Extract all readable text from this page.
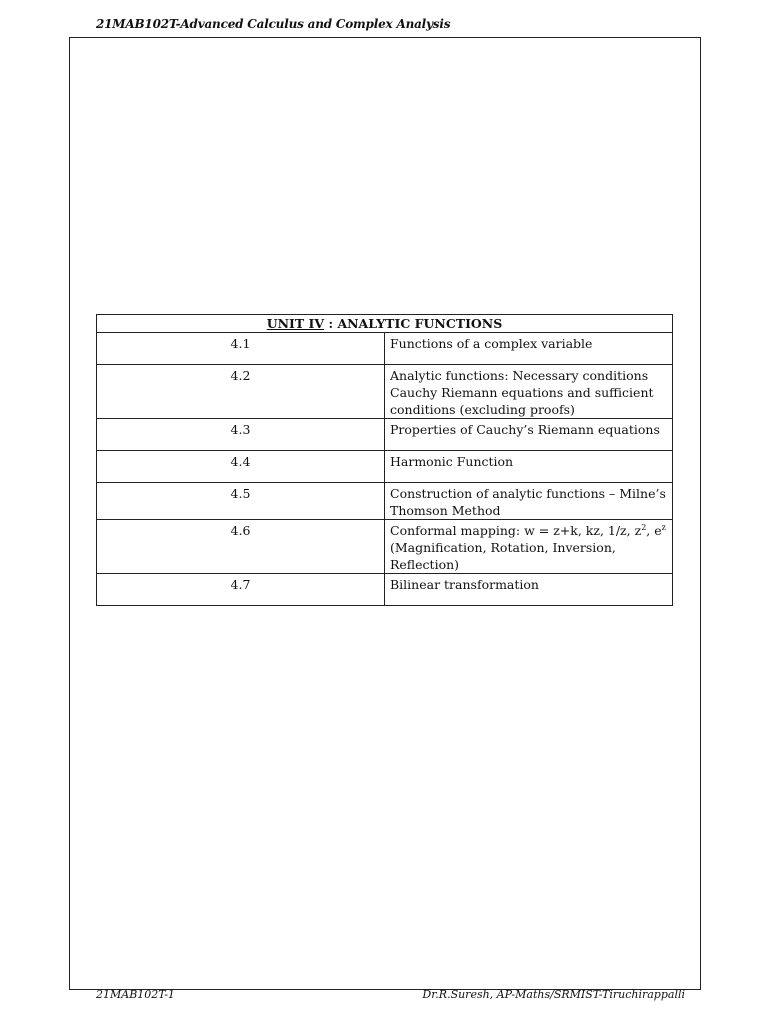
21MAB102T-Advanced Calculus and Complex Analysis
UNIT IV : ANALYTIC FUNCTIONS	
4.1	Functions of a complex variable
4.2	Analytic functions: Necessary conditions Cauchy Riemann equations and sufficient conditions (excluding proofs)
4.3	Properties of Cauchy’s Riemann equations
4.4	Harmonic Function
4.5	Construction of analytic functions – Milne’s Thomson Method
4.6	Conformal mapping: w = z+k, kz, 1/z, $z^2$, $e^z$
(Magnification, Rotation, Inversion, Reflection)
4.7	Bilinear transformation
21MAB102T-1	Dr.R.Suresh, AP-Maths/SRMIST-Tiruchirappalli
